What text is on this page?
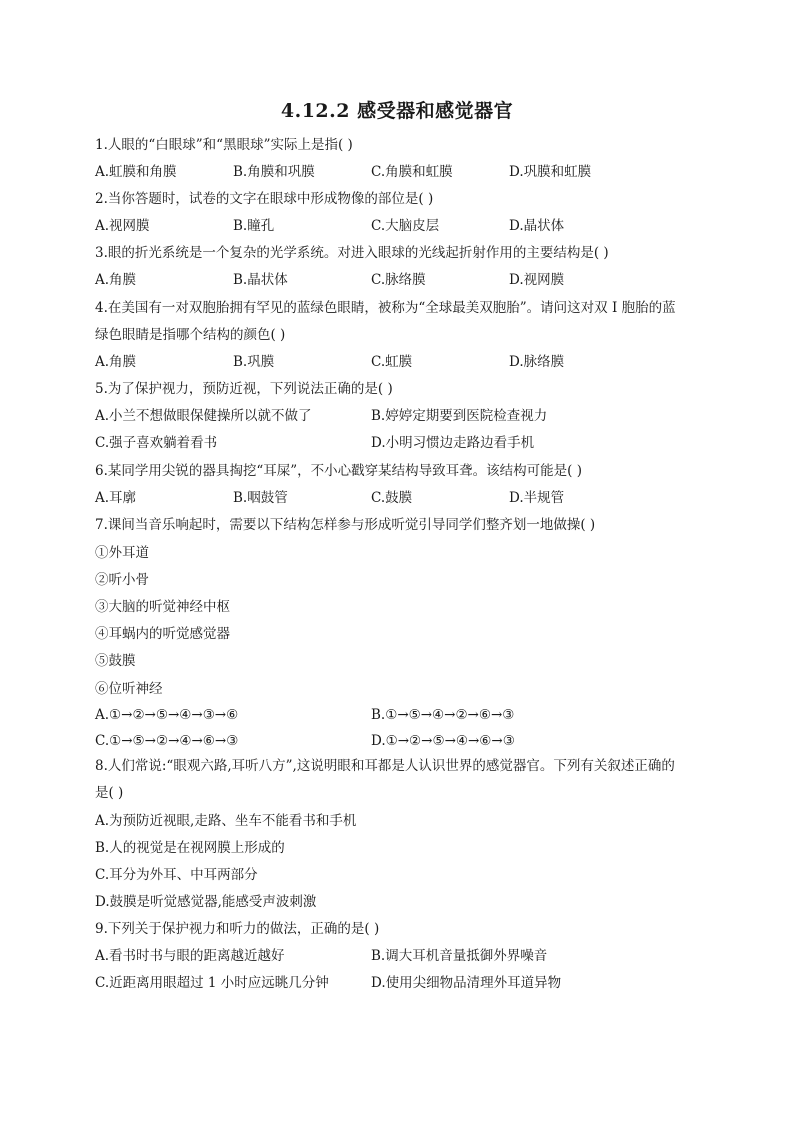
4.12.2 感受器和感觉器官
1.人眼的“白眼球”和“黑眼球”实际上是指( )
A.虹膜和角膜	B.角膜和巩膜	C.角膜和虹膜	D.巩膜和虹膜
2.当你答题时，试卷的文字在眼球中形成物像的部位是( )
A.视网膜	B.瞳孔	C.大脑皮层	D.晶状体
3.眼的折光系统是一个复杂的光学系统。对进入眼球的光线起折射作用的主要结构是( )
A.角膜	B.晶状体	C.脉络膜	D.视网膜
4.在美国有一对双胞胎拥有罕见的蓝绿色眼睛，被称为“全球最美双胞胎”。请问这对双 I 胞胎的蓝
绿色眼睛是指哪个结构的颜色( )
A.角膜	B.巩膜	C.虹膜	D.脉络膜
5.为了保护视力，预防近视，下列说法正确的是( )
A.小兰不想做眼保健操所以就不做了	B.婷婷定期要到医院检查视力
C.强子喜欢躺着看书	D.小明习惯边走路边看手机
6.某同学用尖锐的器具掏挖“耳屎”，不小心戳穿某结构导致耳聋。该结构可能是( )
A.耳廓	B.咽鼓管	C.鼓膜	D.半规管
7.课间当音乐响起时，需要以下结构怎样参与形成听觉引导同学们整齐划一地做操( )
①外耳道
②听小骨
③大脑的听觉神经中枢
④耳蜗内的听觉感觉器
⑤鼓膜
⑥位听神经
A.①→②→⑤→④→③→⑥	B.①→⑤→④→②→⑥→③
C.①→⑤→②→④→⑥→③	D.①→②→⑤→④→⑥→③
8.人们常说:“眼观六路,耳听八方”,这说明眼和耳都是人认识世界的感觉器官。下列有关叙述正确的
是( )
A.为预防近视眼,走路、坐车不能看书和手机
B.人的视觉是在视网膜上形成的
C.耳分为外耳、中耳两部分
D.鼓膜是听觉感觉器,能感受声波刺激
9.下列关于保护视力和听力的做法，正确的是( )
A.看书时书与眼的距离越近越好	B.调大耳机音量抵御外界噪音
C.近距离用眼超过 1 小时应远眺几分钟	D.使用尖细物品清理外耳道异物
